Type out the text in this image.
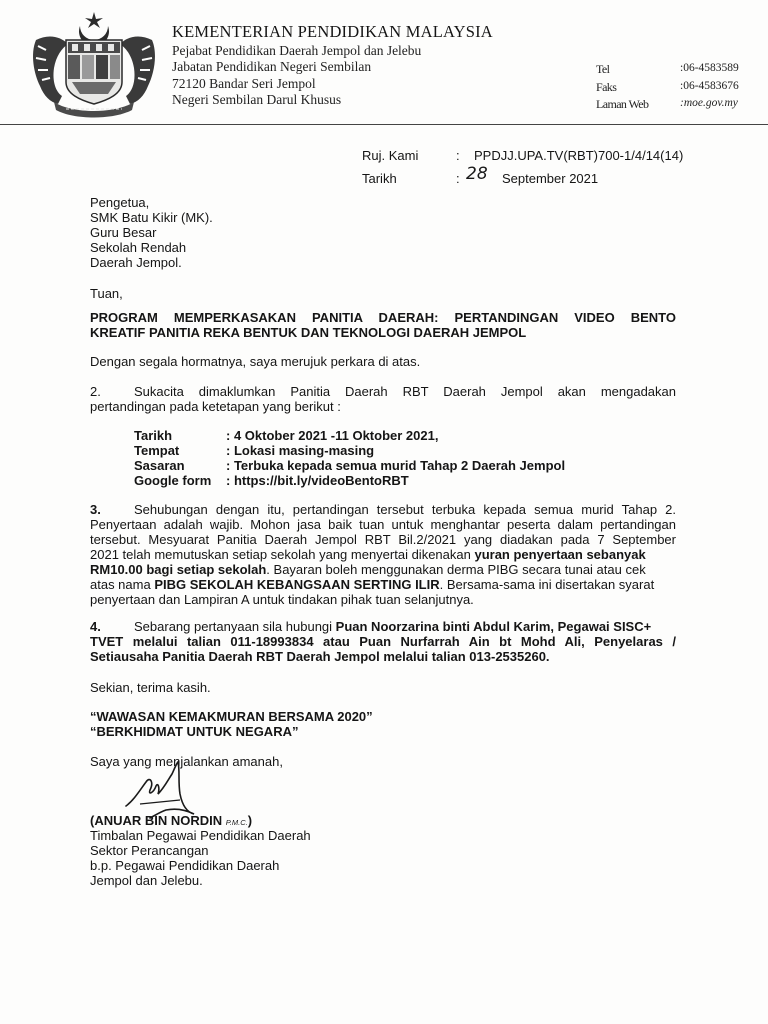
KEMENTERIAN PENDIDIKAN MALAYSIA
Pejabat Pendidikan Daerah Jempol dan Jelebu
Jabatan Pendidikan Negeri Sembilan
72120 Bandar Seri Jempol
Negeri Sembilan Darul Khusus
Tel	:06-4583589
Faks	:06-4583676
Laman Web	:moe.gov.my
Ruj. Kami	: PPDJJ.UPA.TV(RBT)700-1/4/14(14)
Tarikh	: 28 September 2021
Pengetua,
SMK Batu Kikir (MK).
Guru Besar
Sekolah Rendah
Daerah Jempol.
Tuan,
PROGRAM MEMPERKASAKAN PANITIA DAERAH: PERTANDINGAN VIDEO BENTO
KREATIF PANITIA REKA BENTUK DAN TEKNOLOGI DAERAH JEMPOL
Dengan segala hormatnya, saya merujuk perkara di atas.
2.	Sukacita dimaklumkan Panitia Daerah RBT Daerah Jempol akan mengadakan
pertandingan pada ketetapan yang berikut :
Tarikh	: 4 Oktober 2021 -11 Oktober 2021,
Tempat	: Lokasi masing-masing
Sasaran	: Terbuka kepada semua murid Tahap 2 Daerah Jempol
Google form : https://bit.ly/videoBentoRBT
3.	Sehubungan dengan itu, pertandingan tersebut terbuka kepada semua murid Tahap 2.
Penyertaan adalah wajib. Mohon jasa baik tuan untuk menghantar peserta dalam pertandingan
tersebut. Mesyuarat Panitia Daerah Jempol RBT Bil.2/2021 yang diadakan pada 7 September
2021 telah memutuskan setiap sekolah yang menyertai dikenakan yuran penyertaan sebanyak
RM10.00 bagi setiap sekolah. Bayaran boleh menggunakan derma PIBG secara tunai atau cek
atas nama PIBG SEKOLAH KEBANGSAAN SERTING ILIR. Bersama-sama ini disertakan syarat
penyertaan dan Lampiran A untuk tindakan pihak tuan selanjutnya.
4.	Sebarang pertanyaan sila hubungi Puan Noorzarina binti Abdul Karim, Pegawai SISC+
TVET melalui talian 011-18993834 atau Puan Nurfarrah Ain bt Mohd Ali, Penyelaras /
Setiausaha Panitia Daerah RBT Daerah Jempol melalui talian 013-2535260.
Sekian, terima kasih.
“WAWASAN KEMAKMURAN BERSAMA 2020”
“BERKHIDMAT UNTUK NEGARA”
Saya yang menjalankan amanah,
(ANUAR BIN NORDIN P.M.C.)
Timbalan Pegawai Pendidikan Daerah
Sektor Perancangan
b.p. Pegawai Pendidikan Daerah
Jempol dan Jelebu.
